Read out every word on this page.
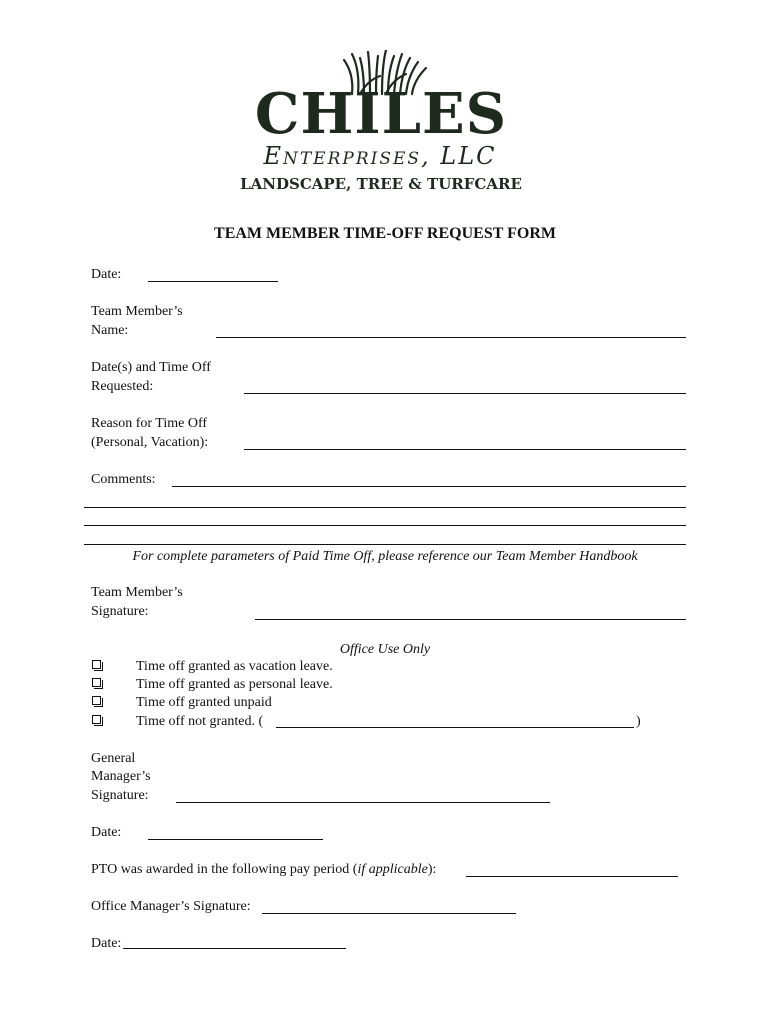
CHILES
Enterprises, LLC
LANDSCAPE, TREE & TURFCARE
TEAM MEMBER TIME-OFF REQUEST FORM
Date:
Team Member’s
Name:
Date(s) and Time Off
Requested:
Reason for Time Off
(Personal, Vacation):
Comments:
For complete parameters of Paid Time Off, please reference our Team Member Handbook
Team Member’s
Signature:
Office Use Only
Time off granted as vacation leave.
Time off granted as personal leave.
Time off granted unpaid
Time off not granted. (	)
General
Manager’s
Signature:
Date:
PTO was awarded in the following pay period (if applicable):
Office Manager’s Signature:
Date:
